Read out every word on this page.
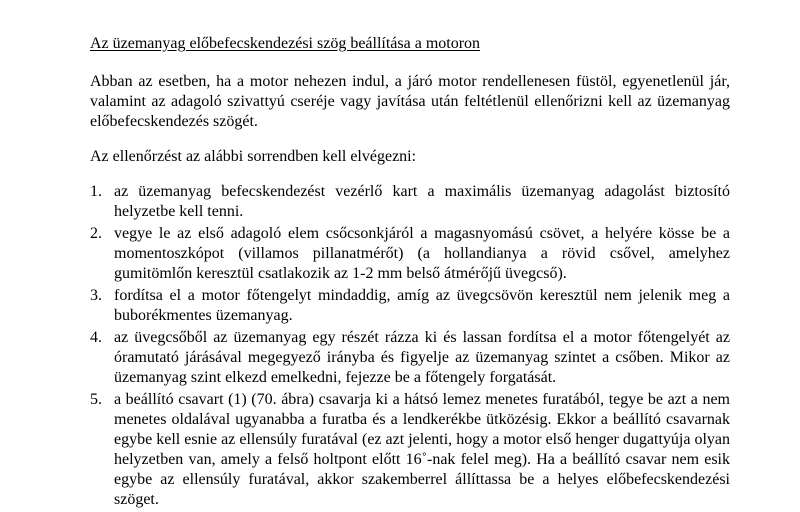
Az üzemanyag előbefecskendezési szög beállítása a motoron
Abban az esetben, ha a motor nehezen indul, a járó motor rendellenesen füstöl, egyenetlenül jár, valamint az adagoló szivattyú cseréje vagy javítása után feltétlenül ellenőrizni kell az üzemanyag előbefecskendezés szögét.
Az ellenőrzést az alábbi sorrendben kell elvégezni:
1. az üzemanyag befecskendezést vezérlő kart a maximális üzemanyag adagolást biztosító helyzetbe kell tenni.
2. vegye le az első adagoló elem csőcsonkjáról a magasnyomású csövet, a helyére kösse be a momentoszkópot (villamos pillanatmérőt) (a hollandianya a rövid csővel, amelyhez gumitömlőn keresztül csatlakozik az 1-2 mm belső átmérőjű üvegcső).
3. fordítsa el a motor főtengelyt mindaddig, amíg az üvegcsövön keresztül nem jelenik meg a buborékmentes üzemanyag.
4. az üvegcsőből az üzemanyag egy részét rázza ki és lassan fordítsa el a motor főtengelyét az óramutató járásával megegyező irányba és figyelje az üzemanyag szintet a csőben. Mikor az üzemanyag szint elkezd emelkedni, fejezze be a főtengely forgatását.
5. a beállító csavart (1) (70. ábra) csavarja ki a hátsó lemez menetes furatából, tegye be azt a nem menetes oldalával ugyanabba a furatba és a lendkerékbe ütközésig. Ekkor a beállító csavarnak egybe kell esnie az ellensúly furatával (ez azt jelenti, hogy a motor első henger dugattyúja olyan helyzetben van, amely a felső holtpont előtt 16˚-nak felel meg). Ha a beállító csavar nem esik egybe az ellensúly furatával, akkor szakemberrel állíttassa be a helyes előbefecskendezési szöget.
